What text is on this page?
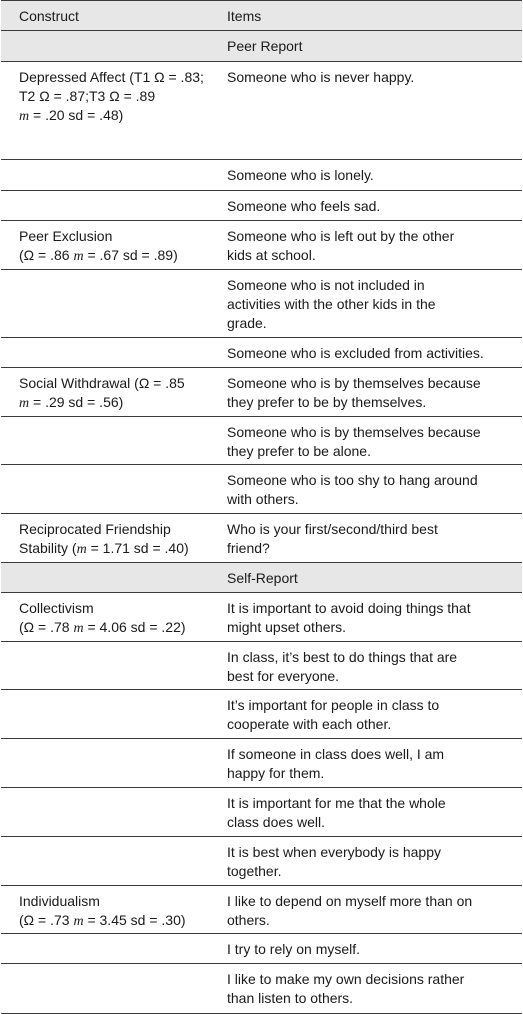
Construct	Items
Peer Report
Depressed Affect (T1 Ω = .83;
T2 Ω = .87;T3 Ω = .89
m = .20 sd = .48)
Someone who is never happy.
Someone who is lonely.
Someone who feels sad.
Peer Exclusion
(Ω = .86 m = .67 sd = .89)
Someone who is left out by the other
kids at school.
Someone who is not included in
activities with the other kids in the
grade.
Someone who is excluded from activities.
Social Withdrawal (Ω = .85
m = .29 sd = .56)
Someone who is by themselves because
they prefer to be by themselves.
Someone who is by themselves because
they prefer to be alone.
Someone who is too shy to hang around
with others.
Reciprocated Friendship
Stability (m = 1.71 sd = .40)
Who is your first/second/third best
friend?
Self-Report
Collectivism
(Ω = .78 m = 4.06 sd = .22)
It is important to avoid doing things that
might upset others.
In class, it’s best to do things that are
best for everyone.
It’s important for people in class to
cooperate with each other.
If someone in class does well, I am
happy for them.
It is important for me that the whole
class does well.
It is best when everybody is happy
together.
Individualism
(Ω = .73 m = 3.45 sd = .30)
I like to depend on myself more than on
others.
I try to rely on myself.
I like to make my own decisions rather
than listen to others.
